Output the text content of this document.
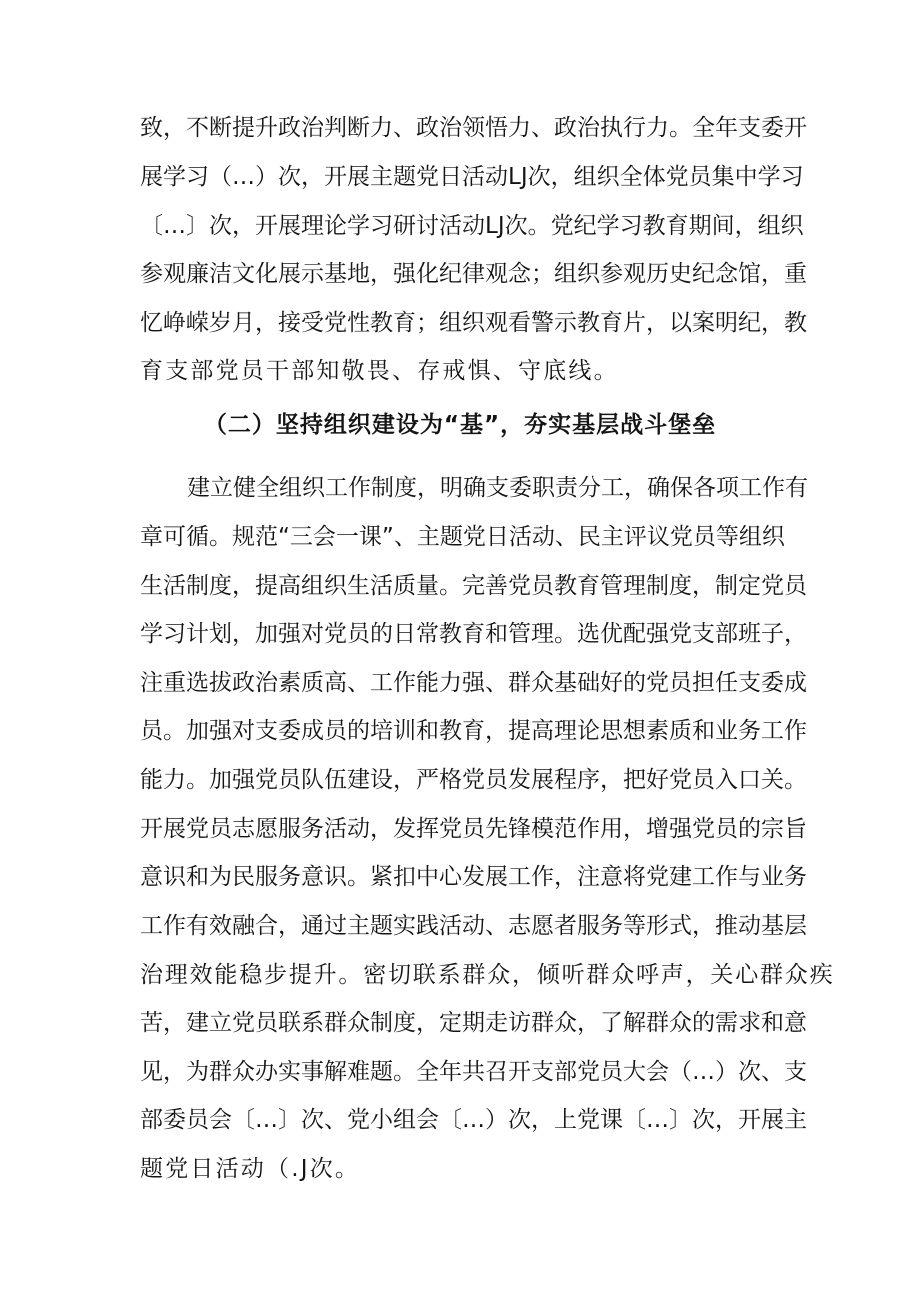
致，不断提升政治判断力、政治领悟力、政治执行力。全年支委开
展学习（…）次，开展主题党日活动LJ次，组织全体党员集中学习
〔…〕次，开展理论学习研讨活动LJ次。党纪学习教育期间，组织
参观廉洁文化展示基地，强化纪律观念；组织参观历史纪念馆，重
忆峥嵘岁月，接受党性教育；组织观看警示教育片，以案明纪，教
育支部党员干部知敬畏、存戒惧、守底线。
（二）坚持组织建设为“基”，夯实基层战斗堡垒
建立健全组织工作制度，明确支委职责分工，确保各项工作有
章可循。规范“三会一课”、主题党日活动、民主评议党员等组织
生活制度，提高组织生活质量。完善党员教育管理制度，制定党员
学习计划，加强对党员的日常教育和管理。选优配强党支部班子，
注重选拔政治素质高、工作能力强、群众基础好的党员担任支委成
员。加强对支委成员的培训和教育，提高理论思想素质和业务工作
能力。加强党员队伍建设，严格党员发展程序，把好党员入口关。
开展党员志愿服务活动，发挥党员先锋模范作用，增强党员的宗旨
意识和为民服务意识。紧扣中心发展工作，注意将党建工作与业务
工作有效融合，通过主题实践活动、志愿者服务等形式，推动基层
治理效能稳步提升。密切联系群众，倾听群众呼声，关心群众疾
苦，建立党员联系群众制度，定期走访群众，了解群众的需求和意
见，为群众办实事解难题。全年共召开支部党员大会（…）次、支
部委员会〔…〕次、党小组会〔…）次，上党课〔…〕次，开展主
题党日活动（.J次。
